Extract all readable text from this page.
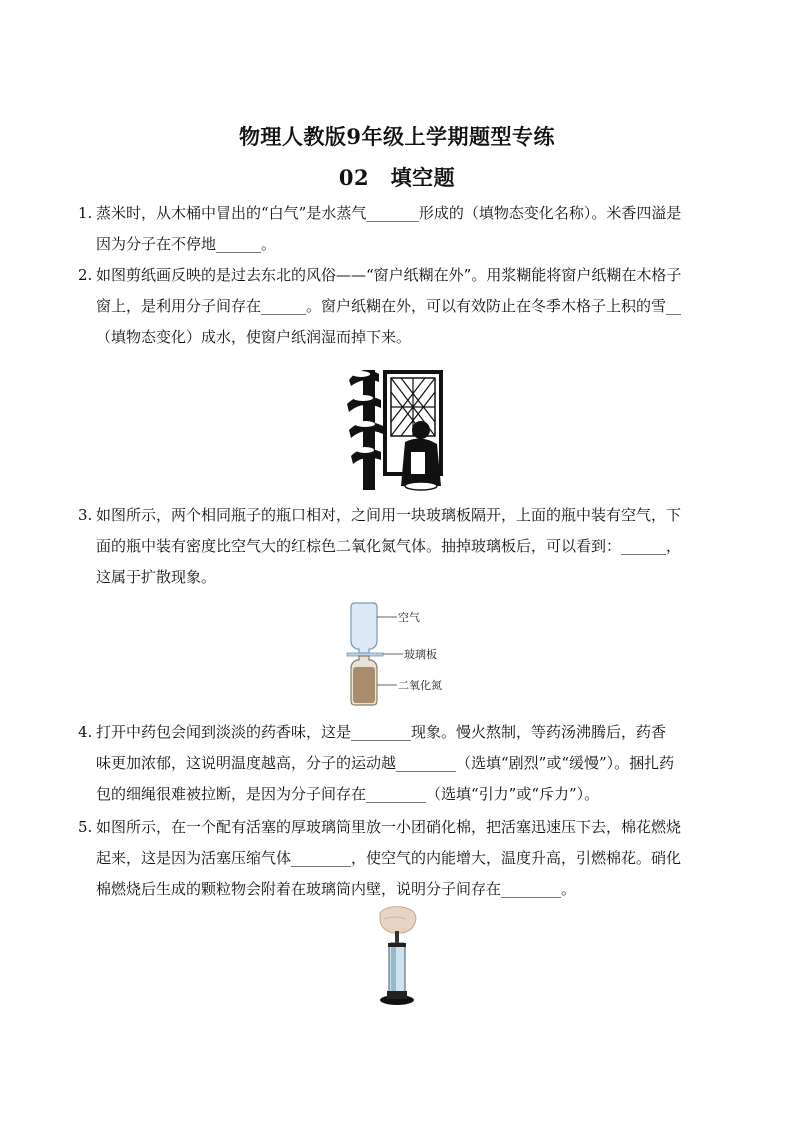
物理人教版9年级上学期题型专练
02　填空题
1. 蒸米时，从木桶中冒出的“白气”是水蒸气_______形成的（填物态变化名称）。米香四溢是
因为分子在不停地______。
2. 如图剪纸画反映的是过去东北的风俗——“窗户纸糊在外”。用浆糊能将窗户纸糊在木格子
窗上，是利用分子间存在______。窗户纸糊在外，可以有效防止在冬季木格子上积的雪__
（填物态变化）成水，使窗户纸润湿而掉下来。
3. 如图所示，两个相同瓶子的瓶口相对，之间用一块玻璃板隔开，上面的瓶中装有空气，下
面的瓶中装有密度比空气大的红棕色二氧化氮气体。抽掉玻璃板后，可以看到：______，
这属于扩散现象。
空气
玻璃板
二氧化氮
4. 打开中药包会闻到淡淡的药香味，这是________现象。慢火熬制，等药汤沸腾后，药香
味更加浓郁，这说明温度越高，分子的运动越________（选填“剧烈”或“缓慢”）。捆扎药
包的细绳很难被拉断，是因为分子间存在________（选填“引力”或“斥力”）。
5. 如图所示，在一个配有活塞的厚玻璃筒里放一小团硝化棉，把活塞迅速压下去，棉花燃烧
起来，这是因为活塞压缩气体________，使空气的内能增大，温度升高，引燃棉花。硝化
棉燃烧后生成的颗粒物会附着在玻璃筒内壁，说明分子间存在________。
